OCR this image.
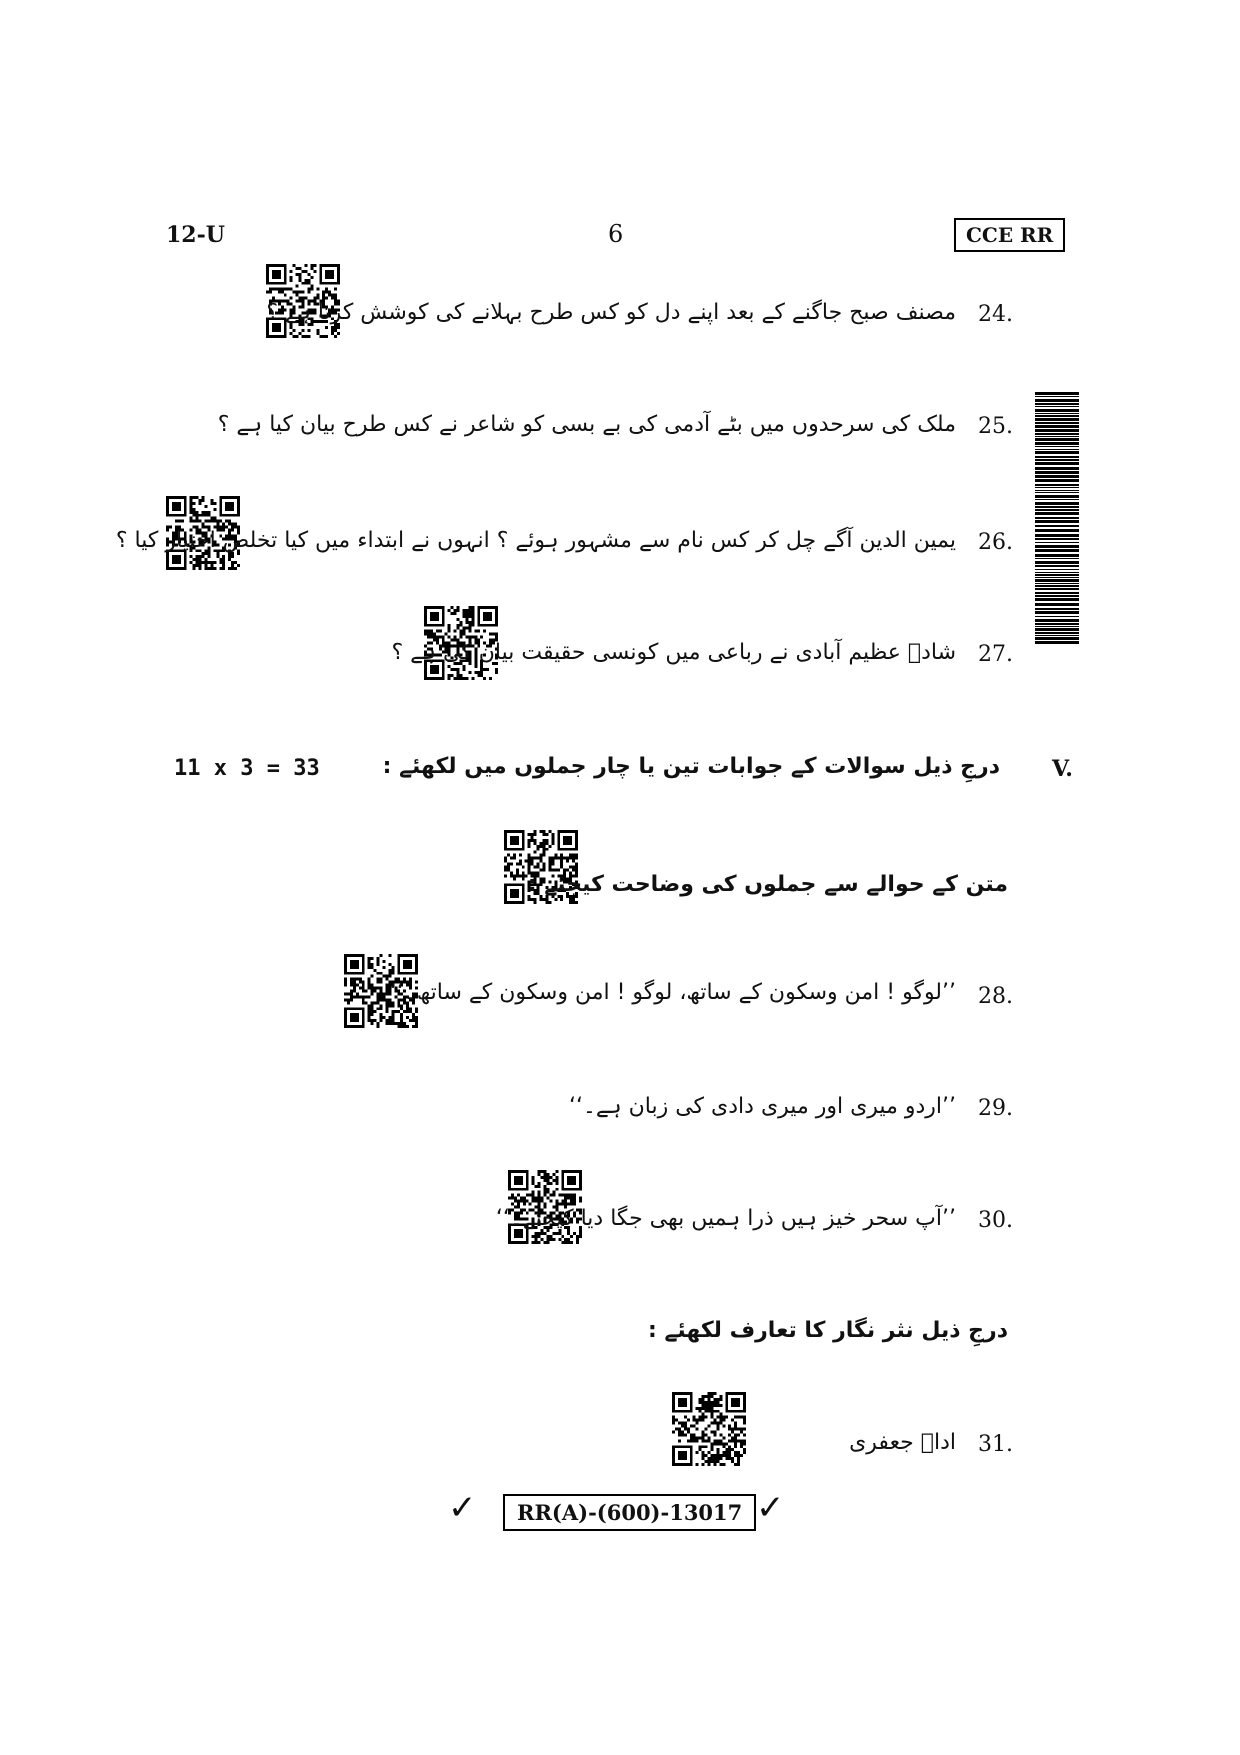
12-U	6	CCE RR
مصنف صبح جاگنے کے بعد اپنے دل کو کس طرح بہلانے کی کوشش کرتا ہے ؟ 24.
ملک کی سرحدوں میں بٹے آدمی کی بے بسی کو شاعر نے کس طرح بیان کیا ہے ؟ 25.
یمین الدین آگے چل کر کس نام سے مشہور ہوئے ؟ انہوں نے ابتداء میں کیا تخلص اختیار کیا ؟ 26.
شادؔ عظیم آبادی نے رباعی میں کونسی حقیقت بیان کی ہے ؟ 27.
11 x 3 = 33	درجِ ذیل سوالات کے جوابات تین یا چار جملوں میں لکھئے : V.
متن کے حوالے سے جملوں کی وضاحت کیجئے :
’’لوگو ! امن وسکون کے ساتھ، لوگو ! امن وسکون کے ساتھ۔‘‘ 28.
’’اردو میری اور میری دادی کی زبان ہے۔‘‘ 29.
’’آپ سحر خیز ہیں ذرا ہمیں بھی جگا دیا کیجئے۔‘‘ 30.
درجِ ذیل نثر نگار کا تعارف لکھئے :
اداؔ جعفری 31.
✓	RR(A)-(600)-13017 ✓
